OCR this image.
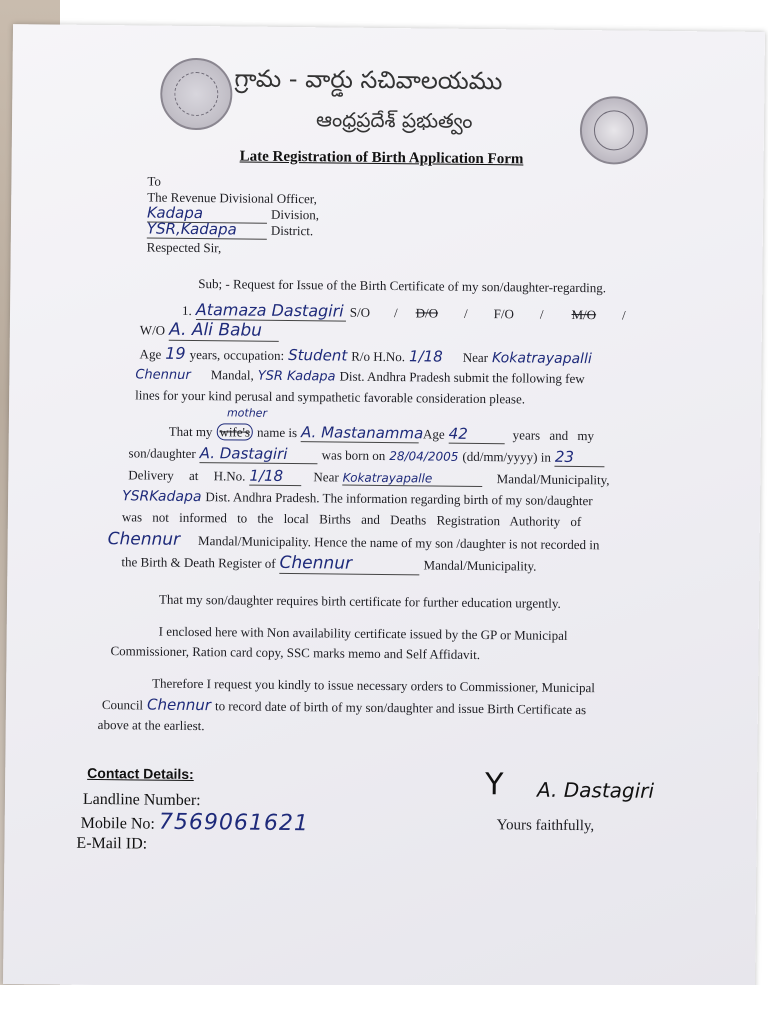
గ్రామ - వార్డు సచివాలయము
ఆంధ్రప్రదేశ్ ప్రభుత్వం
Late Registration of Birth Application Form
To
The Revenue Divisional Officer,
Kadapa	Division,
YSR,Kadapa	District.
Respected Sir,
Sub; - Request for Issue of the Birth Certificate of my son/daughter-regarding.
1. Atamaza Dastagiri S/O / D/O / F/O / M/O /
W/O A. Ali Babu
Age 19 years, occupation: Student R/o H.No. 1/18 Near Kokatrayapalli
Chennur Mandal, YSR Kadapa Dist. Andhra Pradesh submit the following few
lines for your kind perusal and sympathetic favorable consideration please.
mother
That my wife's name is A. Mastanamma Age 42	years and my
son/daughter A. Dastagiri	was born on 28/04/2005 (dd/mm/yyyy) in 23
Delivery at H.No. 1/18 Near Kokatrayapalle	Mandal/Municipality,
YSRKadapa Dist. Andhra Pradesh. The information regarding birth of my son/daughter
was not informed to the local Births and Deaths Registration Authority of
Chennur Mandal/Municipality. Hence the name of my son /daughter is not recorded in
the Birth & Death Register of Chennur	Mandal/Municipality.
That my son/daughter requires birth certificate for further education urgently.
I enclosed here with Non availability certificate issued by the GP or Municipal
Commissioner, Ration card copy, SSC marks memo and Self Affidavit.
Therefore I request you kindly to issue necessary orders to Commissioner, Municipal
Council Chennur to record date of birth of my son/daughter and issue Birth Certificate as
above at the earliest.
Contact Details:
Landline Number:
Mobile No: 7569061621
E-Mail ID:
Y A. Dastagiri
Yours faithfully,
